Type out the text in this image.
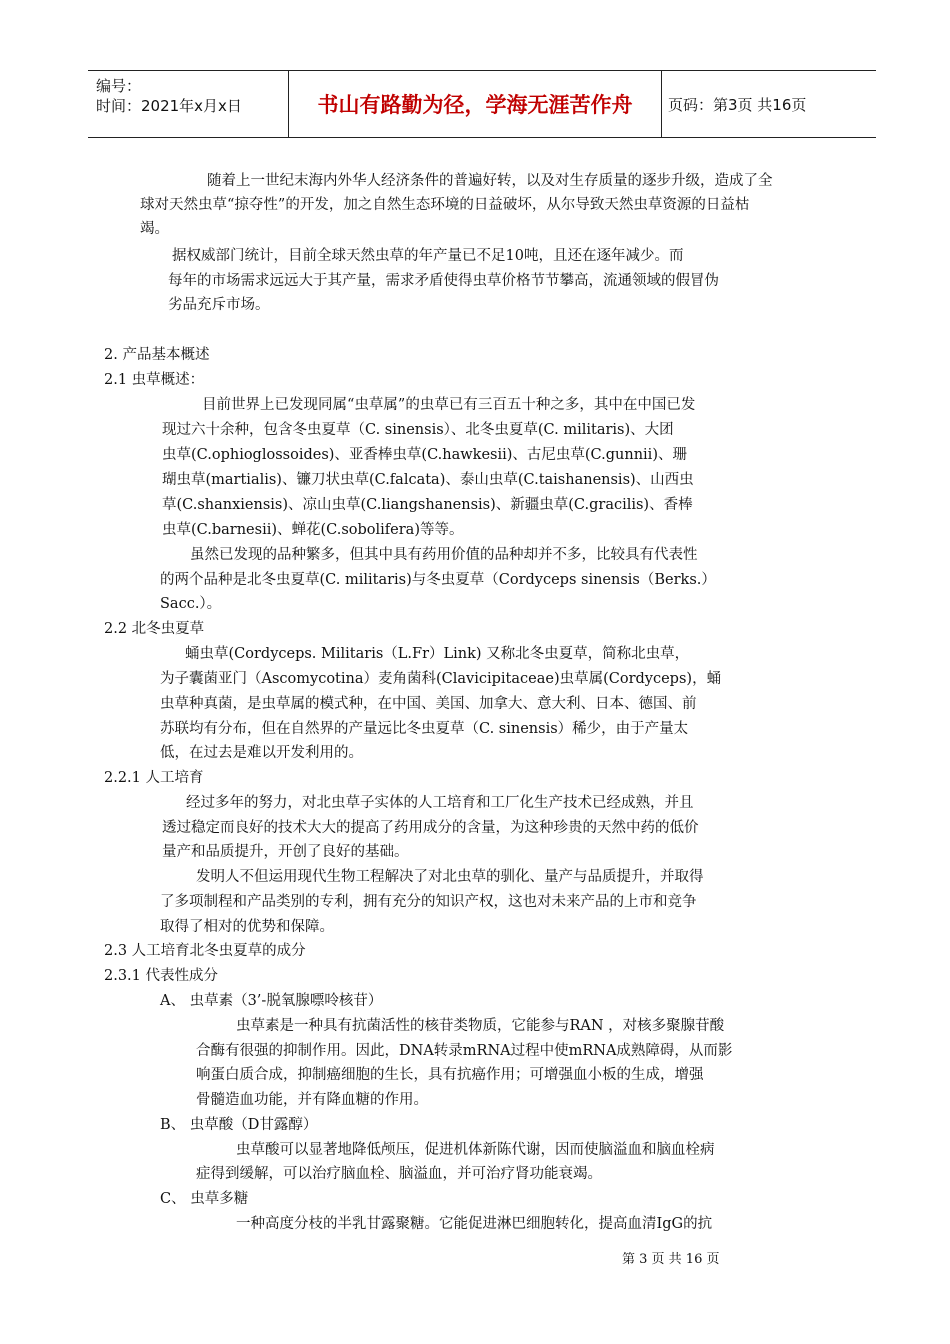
编号：
时间：2021年x月x日	书山有路勤为径，学海无涯苦作舟	页码：第3页 共16页
随着上一世纪末海内外华人经济条件的普遍好转，以及对生存质量的逐步升级，造成了全
球对天然虫草“掠夺性”的开发，加之自然生态环境的日益破坏，从尔导致天然虫草资源的日益枯
竭。
据权威部门统计，目前全球天然虫草的年产量已不足10吨，且还在逐年减少。而
每年的市场需求远远大于其产量，需求矛盾使得虫草价格节节攀高，流通领域的假冒伪
劣品充斥市场。
2. 产品基本概述
2.1 虫草概述：
目前世界上已发现同属“虫草属”的虫草已有三百五十种之多，其中在中国已发
现过六十余种，包含冬虫夏草（C. sinensis）、北冬虫夏草(C. militaris)、大团
虫草(C.ophioglossoides)、亚香棒虫草(C.hawkesii)、古尼虫草(C.gunnii)、珊
瑚虫草(martialis)、镰刀状虫草(C.falcata)、泰山虫草(C.taishanensis)、山西虫
草(C.shanxiensis)、凉山虫草(C.liangshanensis)、新疆虫草(C.gracilis)、香棒
虫草(C.barnesii)、蝉花(C.sobolifera)等等。
虽然已发现的品种繁多，但其中具有药用价值的品种却并不多，比较具有代表性
的两个品种是北冬虫夏草(C. militaris)与冬虫夏草（Cordyceps sinensis（Berks.）
Sacc.）。
2.2 北冬虫夏草
蛹虫草(Cordyceps. Militaris（L.Fr）Link) 又称北冬虫夏草，简称北虫草，
为子囊菌亚门（Ascomycotina）麦角菌科(Clavicipitaceae)虫草属(Cordyceps)，蛹
虫草种真菌，是虫草属的模式种，在中国、美国、加拿大、意大利、日本、德国、前
苏联均有分布，但在自然界的产量远比冬虫夏草（C. sinensis）稀少，由于产量太
低，在过去是难以开发利用的。
2.2.1 人工培育
经过多年的努力，对北虫草子实体的人工培育和工厂化生产技术已经成熟，并且
透过稳定而良好的技术大大的提高了药用成分的含量，为这种珍贵的天然中药的低价
量产和品质提升，开创了良好的基础。
发明人不但运用现代生物工程解决了对北虫草的驯化、量产与品质提升，并取得
了多项制程和产品类别的专利，拥有充分的知识产权，这也对未来产品的上市和竞争
取得了相对的优势和保障。
2.3 人工培育北冬虫夏草的成分
2.3.1 代表性成分
A、 虫草素（3’-脱氧腺嘌呤核苷）
虫草素是一种具有抗菌活性的核苷类物质，它能参与RAN ，对核多聚腺苷酸
合酶有很强的抑制作用。因此，DNA转录mRNA过程中使mRNA成熟障碍，从而影
响蛋白质合成，抑制癌细胞的生长，具有抗癌作用；可增强血小板的生成，增强
骨髓造血功能，并有降血糖的作用。
B、 虫草酸（D甘露醇）
虫草酸可以显著地降低颅压，促进机体新陈代谢，因而使脑溢血和脑血栓病
症得到缓解，可以治疗脑血栓、脑溢血，并可治疗肾功能衰竭。
C、 虫草多糖
一种高度分枝的半乳甘露聚糖。它能促进淋巴细胞转化，提高血清IgG的抗
第 3 页 共 16 页
